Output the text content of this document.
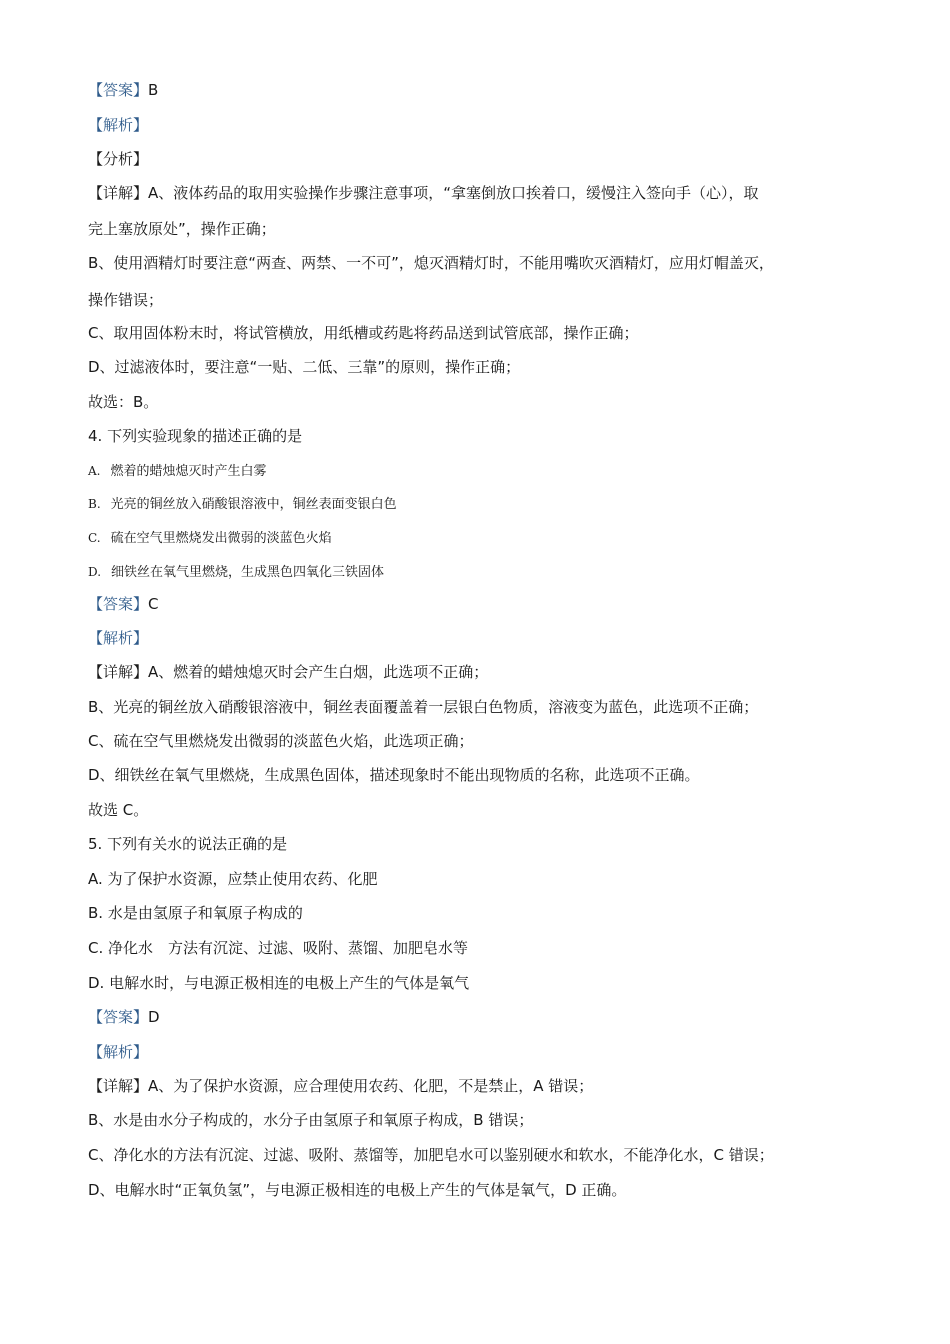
【答案】B
【解析】
【分析】
【详解】A、液体药品的取用实验操作步骤注意事项，“拿塞倒放口挨着口，缓慢注入签向手（心），取
完上塞放原处”，操作正确；
B、使用酒精灯时要注意“两查、两禁、一不可”，熄灭酒精灯时，不能用嘴吹灭酒精灯，应用灯帽盖灭，
操作错误；
C、取用固体粉末时，将试管横放，用纸槽或药匙将药品送到试管底部，操作正确；
D、过滤液体时，要注意“一贴、二低、三靠”的原则，操作正确；
故选：B。
4. 下列实验现象的描述正确的是
A. 燃着的蜡烛熄灭时产生白雾
B. 光亮的铜丝放入硝酸银溶液中，铜丝表面变银白色
C. 硫在空气里燃烧发出微弱的淡蓝色火焰
D. 细铁丝在氧气里燃烧，生成黑色四氧化三铁固体
【答案】C
【解析】
【详解】A、燃着的蜡烛熄灭时会产生白烟，此选项不正确；
B、光亮的铜丝放入硝酸银溶液中，铜丝表面覆盖着一层银白色物质，溶液变为蓝色，此选项不正确；
C、硫在空气里燃烧发出微弱的淡蓝色火焰，此选项正确；
D、细铁丝在氧气里燃烧，生成黑色固体，描述现象时不能出现物质的名称，此选项不正确。
故选 C。
5. 下列有关水的说法正确的是
A. 为了保护水资源，应禁止使用农药、化肥
B. 水是由氢原子和氧原子构成的
C. 净化水　方法有沉淀、过滤、吸附、蒸馏、加肥皂水等
D. 电解水时，与电源正极相连的电极上产生的气体是氧气
【答案】D
【解析】
【详解】A、为了保护水资源，应合理使用农药、化肥，不是禁止，A 错误；
B、水是由水分子构成的，水分子由氢原子和氧原子构成，B 错误；
C、净化水的方法有沉淀、过滤、吸附、蒸馏等，加肥皂水可以鉴别硬水和软水，不能净化水，C 错误；
D、电解水时“正氧负氢”，与电源正极相连的电极上产生的气体是氧气，D 正确。
